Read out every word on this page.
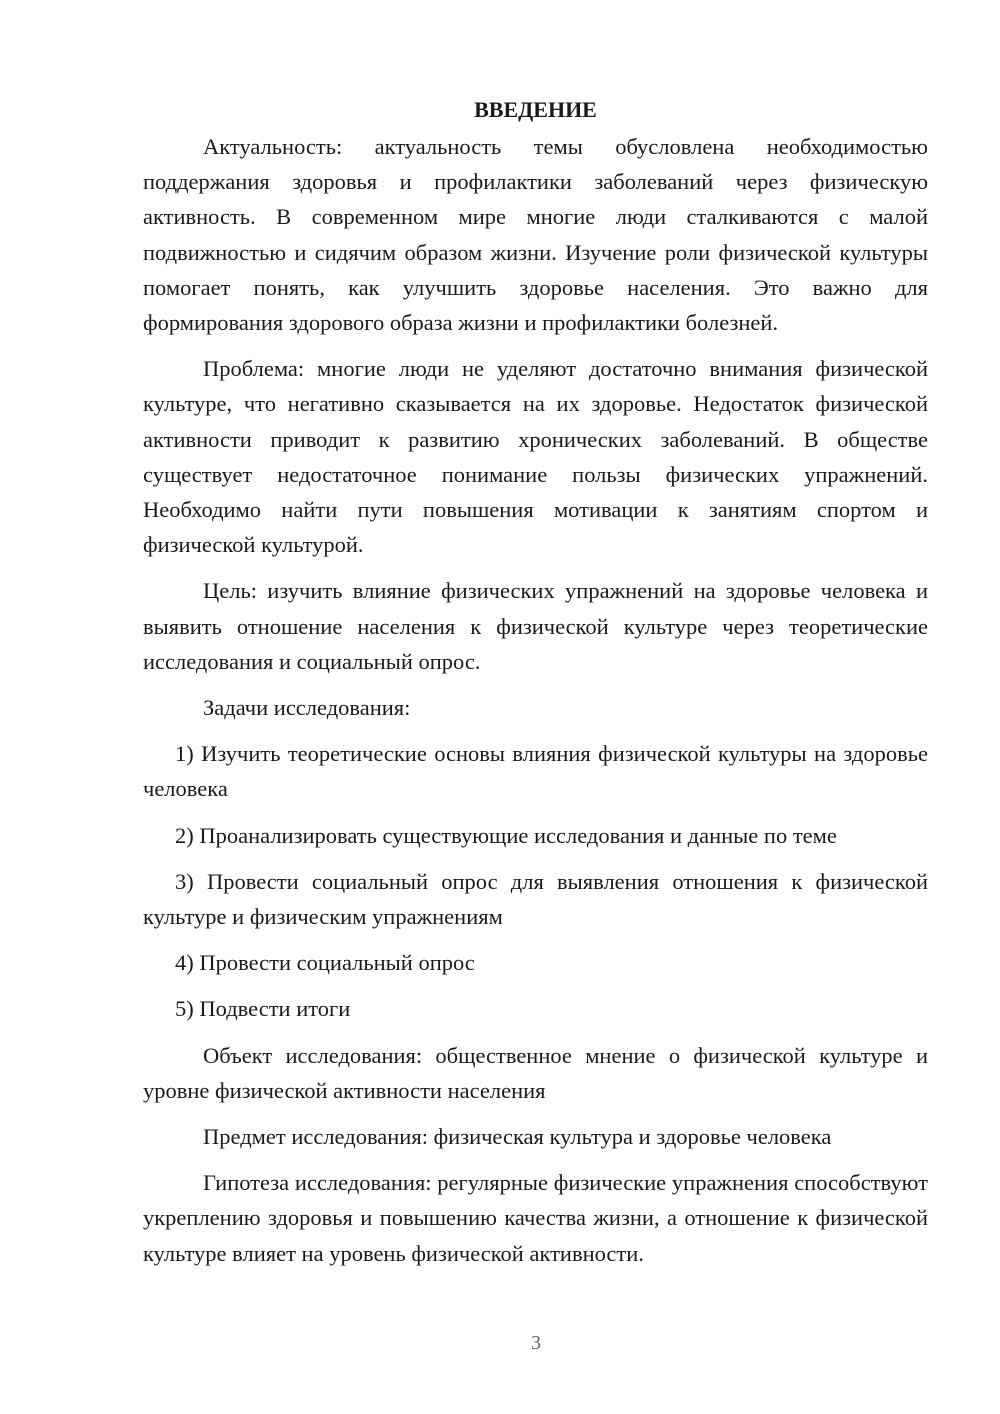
ВВЕДЕНИЕ

Актуальность: актуальность темы обусловлена необходимостью поддержания здоровья и профилактики заболеваний через физическую активность. В современном мире многие люди сталкиваются с малой подвижностью и сидячим образом жизни. Изучение роли физической культуры помогает понять, как улучшить здоровье населения. Это важно для формирования здорового образа жизни и профилактики болезней.

Проблема: многие люди не уделяют достаточно внимания физической культуре, что негативно сказывается на их здоровье. Недостаток физической активности приводит к развитию хронических заболеваний. В обществе существует недостаточное понимание пользы физических упражнений. Необходимо найти пути повышения мотивации к занятиям спортом и физической культурой.

Цель: изучить влияние физических упражнений на здоровье человека и выявить отношение населения к физической культуре через теоретические исследования и социальный опрос.

Задачи исследования:

1) Изучить теоретические основы влияния физической культуры на здоровье человека

2) Проанализировать существующие исследования и данные по теме

3) Провести социальный опрос для выявления отношения к физической культуре и физическим упражнениям

4) Провести социальный опрос

5) Подвести итоги

Объект исследования: общественное мнение о физической культуре и уровне физической активности населения

Предмет исследования: физическая культура и здоровье человека

Гипотеза исследования: регулярные физические упражнения способствуют укреплению здоровья и повышению качества жизни, а отношение к физической культуре влияет на уровень физической активности.

3
